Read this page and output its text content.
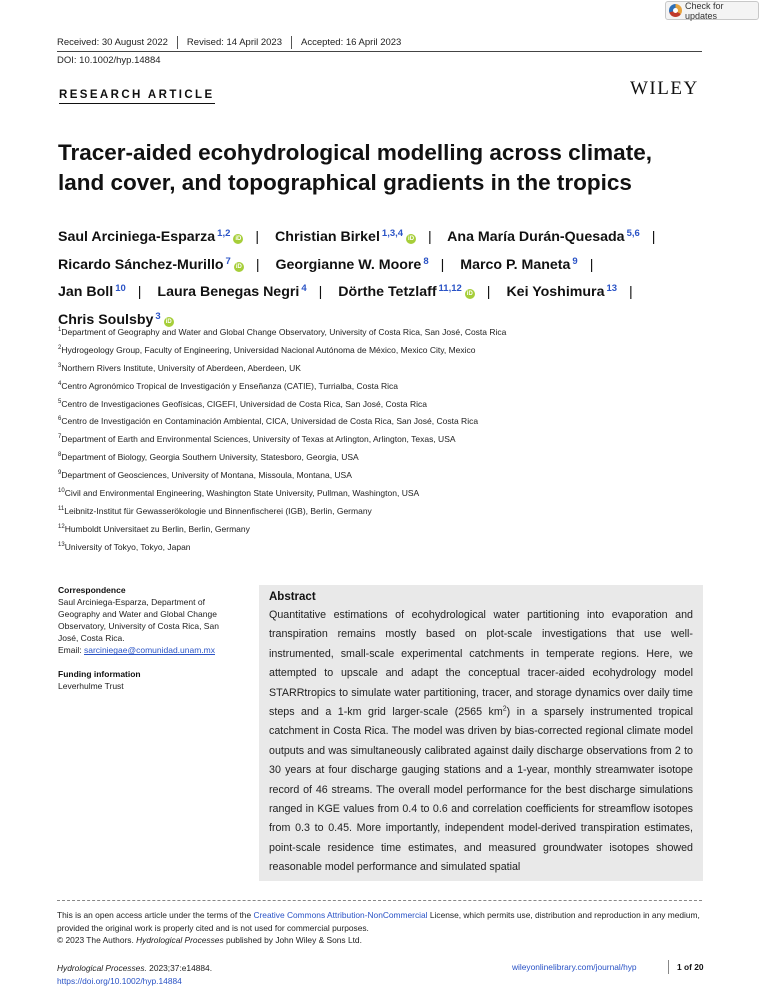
Check for updates
Received: 30 August 2022	Revised: 14 April 2023	Accepted: 16 April 2023
DOI: 10.1002/hyp.14884
WILEY
RESEARCH ARTICLE
Tracer-aided ecohydrological modelling across climate, land cover, and topographical gradients in the tropics
Saul Arciniega-Esparza $^{1,2}$ iD | Christian Birkel $^{1,3,4}$ iD | Ana María Durán-Quesada $^{5,6}$ |
Ricardo Sánchez-Murillo $^7$ iD | Georgianne W. Moore $^8$ | Marco P. Maneta $^9$ |
Jan Boll $^{10}$ | Laura Benegas Negri $^4$ | Dörthe Tetzlaff $^{11,12}$ iD | Kei Yoshimura $^{13}$ |
Chris Soulsby $^3$ iD
$^1$Department of Geography and Water and Global Change Observatory, University of Costa Rica, San José, Costa Rica
$^2$Hydrogeology Group, Faculty of Engineering, Universidad Nacional Autónoma de México, Mexico City, Mexico
$^3$Northern Rivers Institute, University of Aberdeen, Aberdeen, UK
$^4$Centro Agronómico Tropical de Investigación y Enseñanza (CATIE), Turrialba, Costa Rica
$^5$Centro de Investigaciones Geofísicas, CIGEFI, Universidad de Costa Rica, San José, Costa Rica
$^6$Centro de Investigación en Contaminación Ambiental, CICA, Universidad de Costa Rica, San José, Costa Rica
$^7$Department of Earth and Environmental Sciences, University of Texas at Arlington, Arlington, Texas, USA
$^8$Department of Biology, Georgia Southern University, Statesboro, Georgia, USA
$^9$Department of Geosciences, University of Montana, Missoula, Montana, USA
$^{10}$Civil and Environmental Engineering, Washington State University, Pullman, Washington, USA
$^{11}$Leibnitz-Institut für Gewasserökologie und Binnenfischerei (IGB), Berlin, Germany
$^{12}$Humboldt Universitaet zu Berlin, Berlin, Germany
$^{13}$University of Tokyo, Tokyo, Japan
Correspondence
Saul Arciniega-Esparza, Department of
Geography and Water and Global Change
Observatory, University of Costa Rica, San
José, Costa Rica.
Email: sarciniegae@comunidad.unam.mx
Funding information
Leverhulme Trust
Abstract

Quantitative estimations of ecohydrological water partitioning into evaporation and transpiration remains mostly based on plot-scale investigations that use well-instrumented, small-scale experimental catchments in temperate regions. Here, we attempted to upscale and adapt the conceptual tracer-aided ecohydrology model STARRtropics to simulate water partitioning, tracer, and storage dynamics over daily time steps and a 1-km grid larger-scale (2565 $km^2$) in a sparsely instrumented tropical catchment in Costa Rica. The model was driven by bias-corrected regional climate model outputs and was simultaneously calibrated against daily discharge observations from 2 to 30 years at four discharge gauging stations and a 1-year, monthly streamwater isotope record of 46 streams. The overall model performance for the best discharge simulations ranged in KGE values from 0.4 to 0.6 and correlation coefficients for streamflow isotopes from 0.3 to 0.45. More importantly, independent model-derived transpiration estimates, point-scale residence time estimates, and measured groundwater isotopes showed reasonable model performance and simulated spatial

This is an open access article under the terms of the Creative Commons Attribution-NonCommercial License, which permits use, distribution and reproduction in any medium, provided the original work is properly cited and is not used for commercial purposes.
© 2023 The Authors. Hydrological Processes published by John Wiley & Sons Ltd.
Hydrological Processes. 2023;37:e14884.
https://doi.org/10.1002/hyp.14884
wileyonlinelibrary.com/journal/hyp	1 of 20
